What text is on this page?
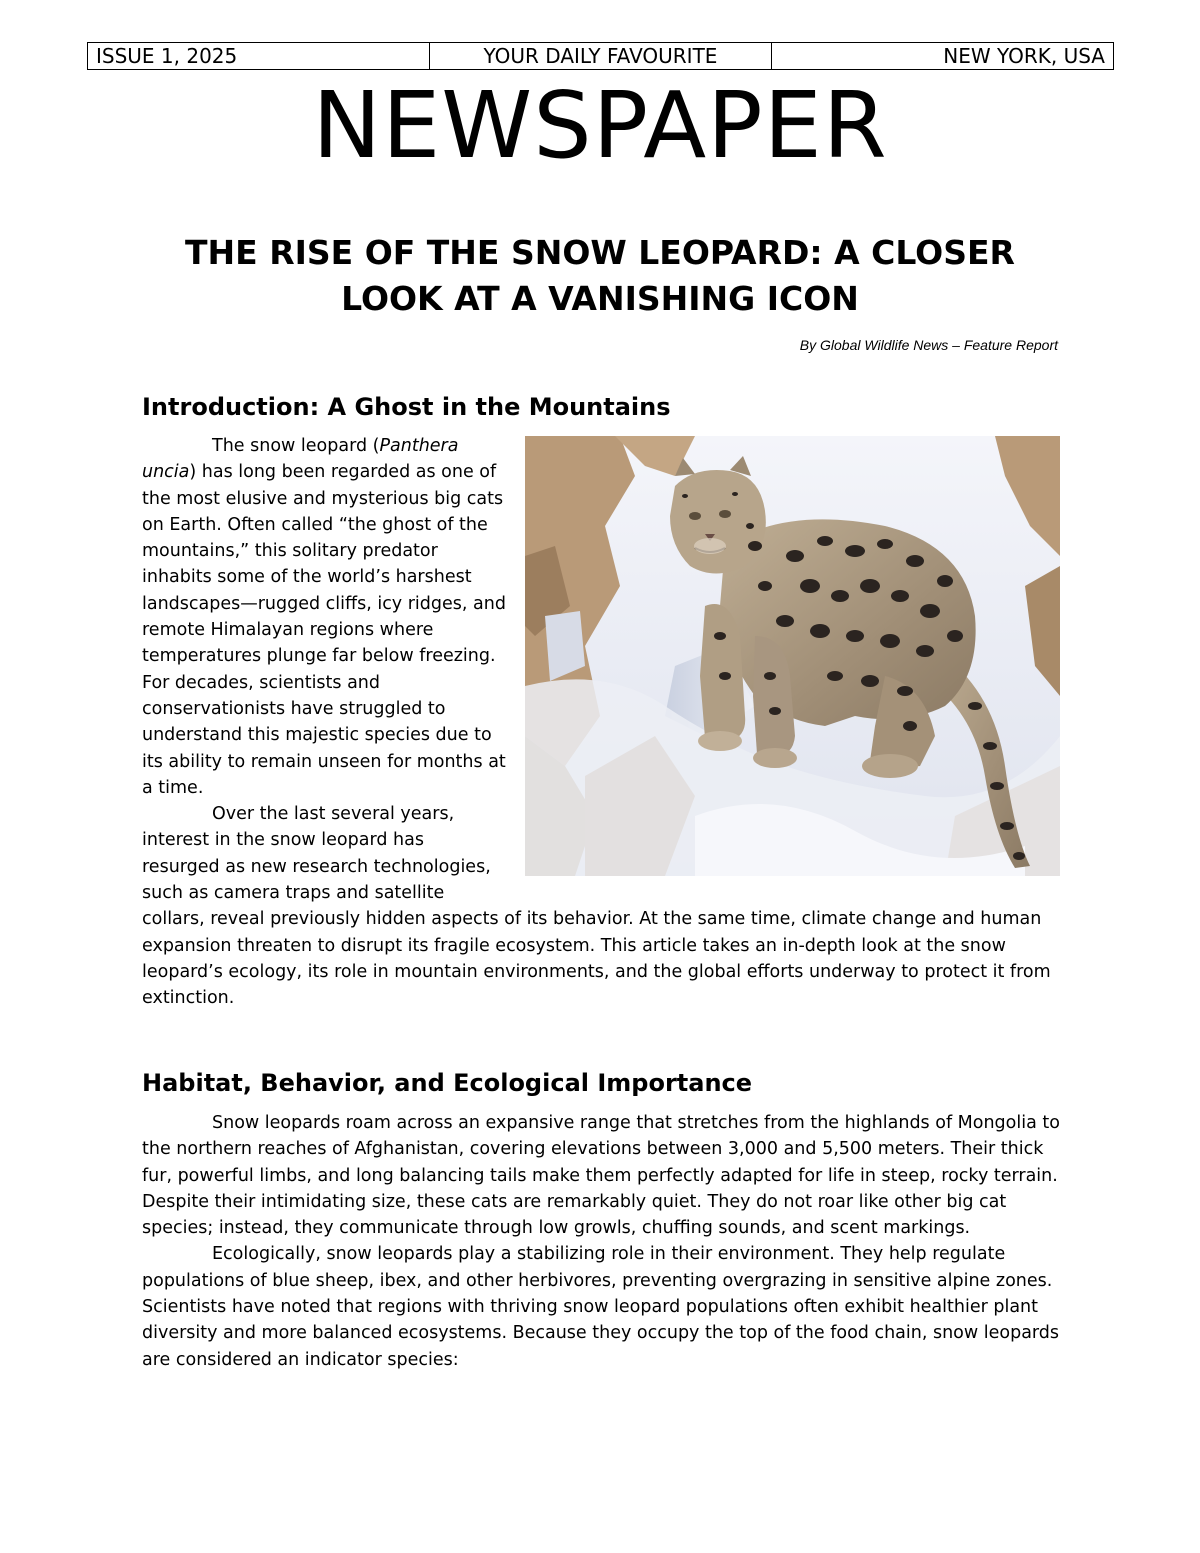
ISSUE 1, 2025	YOUR DAILY FAVOURITE	NEW YORK, USA
NEWSPAPER
THE RISE OF THE SNOW LEOPARD: A CLOSER LOOK AT A VANISHING ICON
By Global Wildlife News – Feature Report
Introduction: A Ghost in the Mountains

The snow leopard (Panthera uncia) has long been regarded as one of the most elusive and mysterious big cats on Earth. Often called “the ghost of the mountains,” this solitary predator inhabits some of the world’s harshest landscapes—rugged cliffs, icy ridges, and remote Himalayan regions where temperatures plunge far below freezing. For decades, scientists and conservationists have struggled to understand this majestic species due to its ability to remain unseen for months at a time.

Over the last several years, interest in the snow leopard has resurged as new research technologies, such as camera traps and satellite collars, reveal previously hidden aspects of its behavior. At the same time, climate change and human expansion threaten to disrupt its fragile ecosystem. This article takes an in-depth look at the snow leopard’s ecology, its role in mountain environments, and the global efforts underway to protect it from extinction.

Habitat, Behavior, and Ecological Importance

Snow leopards roam across an expansive range that stretches from the highlands of Mongolia to the northern reaches of Afghanistan, covering elevations between 3,000 and 5,500 meters. Their thick fur, powerful limbs, and long balancing tails make them perfectly adapted for life in steep, rocky terrain. Despite their intimidating size, these cats are remarkably quiet. They do not roar like other big cat species; instead, they communicate through low growls, chuffing sounds, and scent markings.

Ecologically, snow leopards play a stabilizing role in their environment. They help regulate populations of blue sheep, ibex, and other herbivores, preventing overgrazing in sensitive alpine zones. Scientists have noted that regions with thriving snow leopard populations often exhibit healthier plant diversity and more balanced ecosystems. Because they occupy the top of the food chain, snow leopards are considered an indicator species:
